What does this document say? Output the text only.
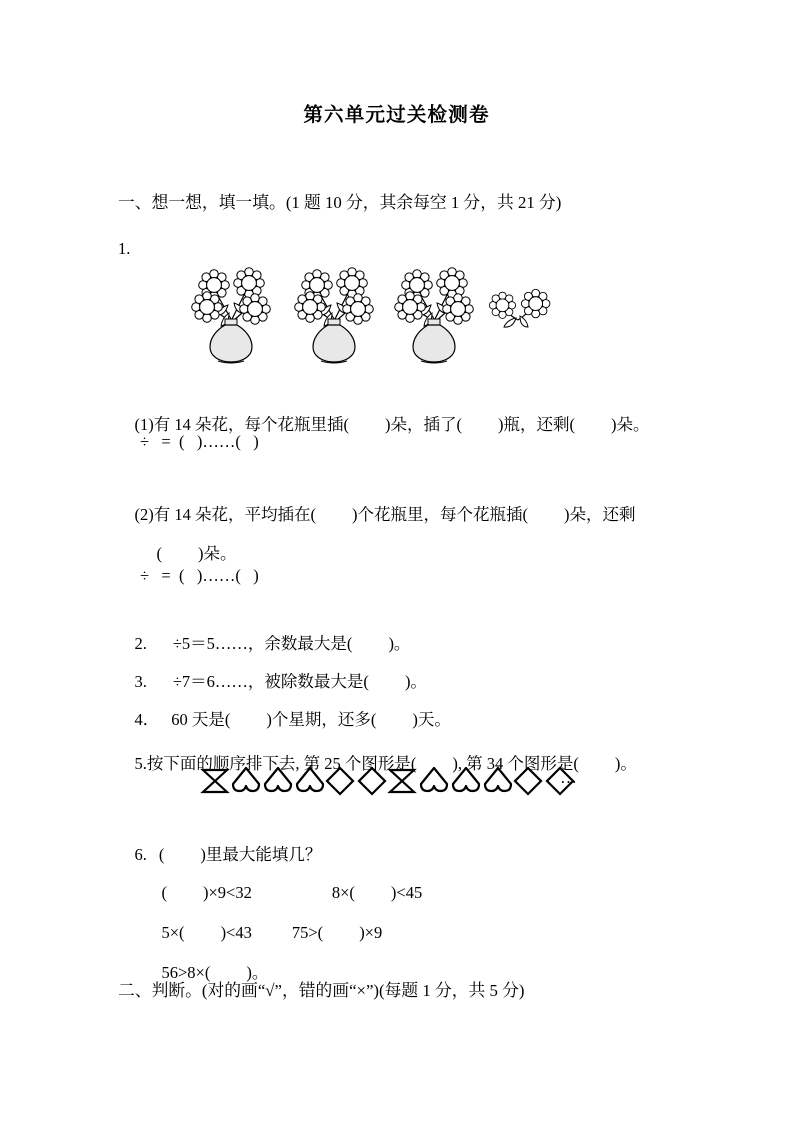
第六单元过关检测卷
一、想一想，填一填。(1 题 10 分，其余每空 1 分，共 21 分)
1.

(1)有 14 朵花，每个花瓶里插( )朵，插了( )瓶，还剩( )朵。

÷   =  (   )……(   )

(2)有 14 朵花，平均插在( )个花瓶里，每个花瓶插( )朵，还剩

( )朵。

÷   =  (   )……(   )

2. ÷5＝5……，余数最大是( )。

3. ÷7＝6……，被除数最大是( )。

4． 60 天是( )个星期，还多( )天。

5.按下面的顺序排下去, 第 25 个图形是( ), 第 34 个图形是( )。

…

6. ( )里最大能填几？

( )×9<32	8×( )<45

5×( )<43 75>( )×9

56>8×( )。

二、判断。(对的画“√”，错的画“×”)(每题 1 分，共 5 分)
